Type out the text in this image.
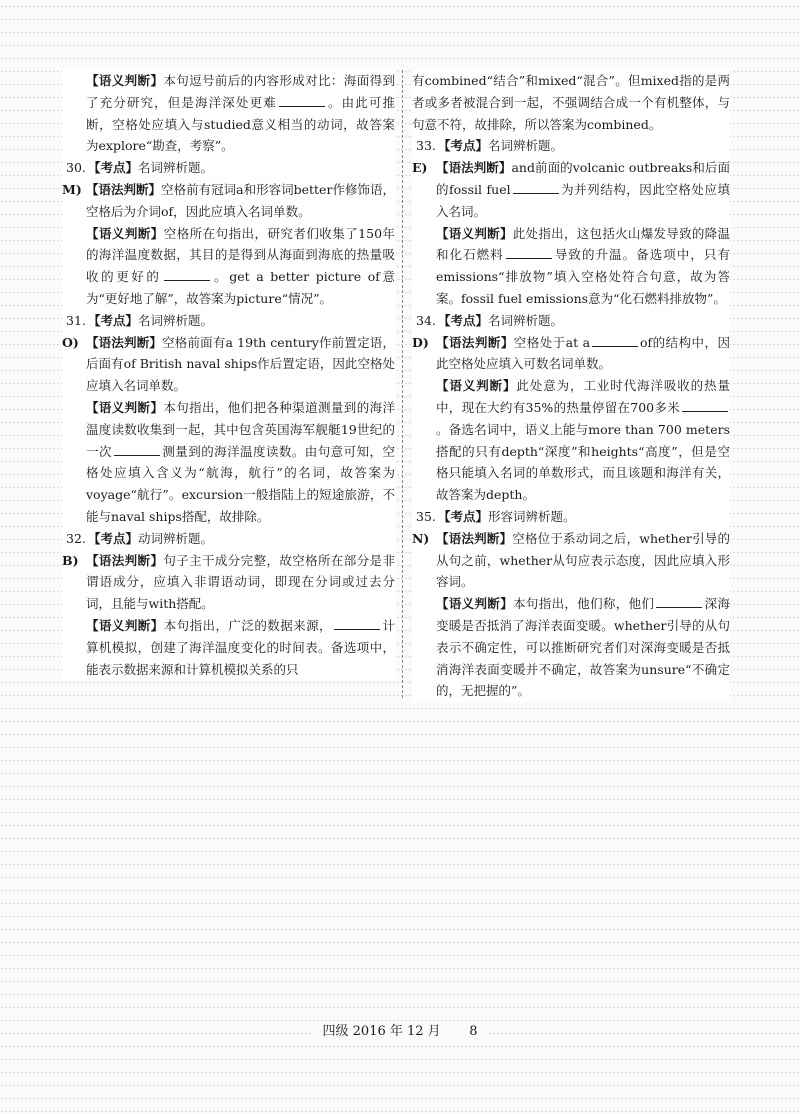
【语义判断】本句逗号前后的内容形成对比：海面得到了充分研究，但是海洋深处更难	。由此可推断，空格处应填入与studied意义相当的动词，故答案为explore“勘查，考察”。

30. 【考点】名词辨析题。

M) 【语法判断】空格前有冠词a和形容词better作修饰语，空格后为介词of，因此应填入名词单数。

【语义判断】空格所在句指出，研究者们收集了150年的海洋温度数据，其目的是得到从海面到海底的热量吸收的更好的	。get a better picture of意为“更好地了解”，故答案为picture“情况”。

31. 【考点】名词辨析题。

O) 【语法判断】空格前面有a 19th century作前置定语，后面有of British naval ships作后置定语，因此空格处应填入名词单数。

【语义判断】本句指出，他们把各种渠道测量到的海洋温度读数收集到一起，其中包含英国海军舰艇19世纪的一次	测量到的海洋温度读数。由句意可知，空格处应填入含义为“航海，航行”的名词，故答案为voyage“航行”。excursion一般指陆上的短途旅游，不能与naval ships搭配，故排除。

32. 【考点】动词辨析题。

B) 【语法判断】句子主干成分完整，故空格所在部分是非谓语成分，应填入非谓语动词，即现在分词或过去分词，且能与with搭配。

【语义判断】本句指出，广泛的数据来源，	计算机模拟，创建了海洋温度变化的时间表。备选项中，能表示数据来源和计算机模拟关系的只

有combined“结合”和mixed“混合”。但mixed指的是两者或多者被混合到一起，不强调结合成一个有机整体，与句意不符，故排除，所以答案为combined。

33. 【考点】名词辨析题。

E) 【语法判断】and前面的volcanic outbreaks和后面的fossil fuel	为并列结构，因此空格处应填入名词。

【语义判断】此处指出，这包括火山爆发导致的降温和化石燃料	导致的升温。备选项中，只有emissions“排放物”填入空格处符合句意，故为答案。fossil fuel emissions意为“化石燃料排放物”。

34. 【考点】名词辨析题。

D) 【语法判断】空格处于at a	of的结构中，因此空格处应填入可数名词单数。

【语义判断】此处意为，工业时代海洋吸收的热量中，现在大约有35%的热量停留在700多米。备选名词中，语义上能与more than 700 meters搭配的只有depth“深度”和heights“高度”，但是空格只能填入名词的单数形式，而且该题和海洋有关，故答案为depth。

35. 【考点】形容词辨析题。

N) 【语法判断】空格位于系动词之后，whether引导的从句之前，whether从句应表示态度，因此应填入形容词。

【语义判断】本句指出，他们称，他们	深海变暖是否抵消了海洋表面变暖。whether引导的从句表示不确定性，可以推断研究者们对深海变暖是否抵消海洋表面变暖并不确定，故答案为unsure“不确定的，无把握的”。

四级 2016 年 12 月 8
